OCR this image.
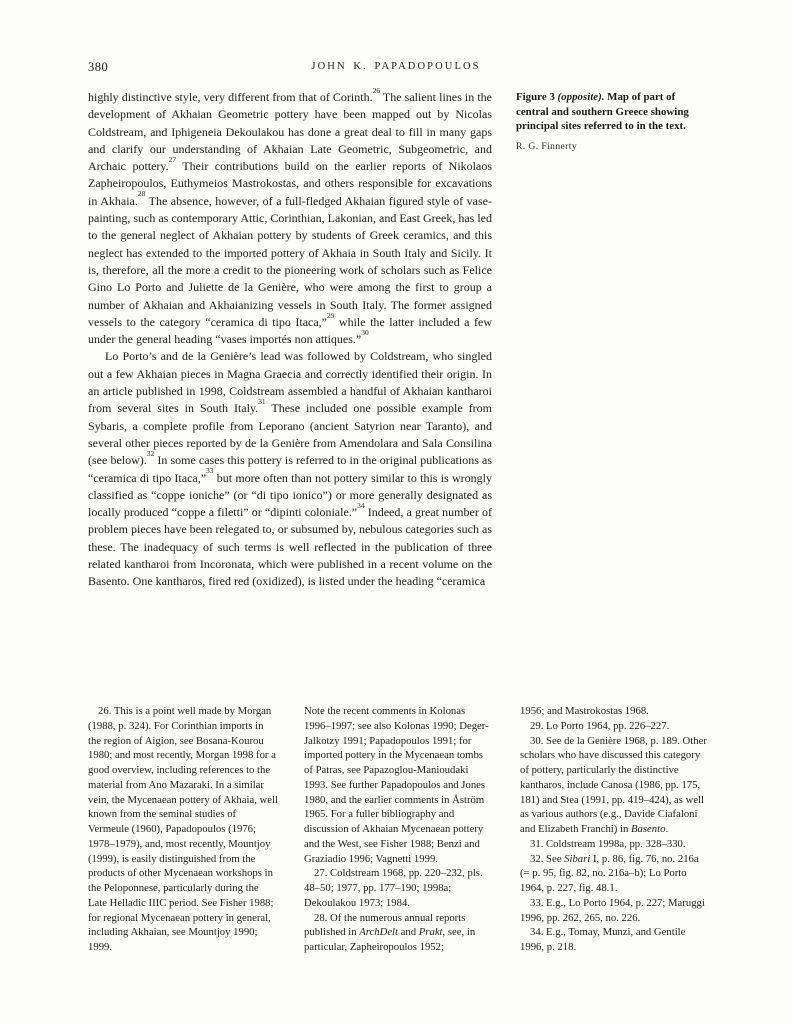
380	JOHN K. PAPADOPOULOS

highly distinctive style, very different from that of Corinth.$^{26}$ The salient lines in the development of Akhaian Geometric pottery have been mapped out by Nicolas Coldstream, and Iphigeneia Dekoulakou has done a great deal to fill in many gaps and clarify our understanding of Akhaian Late Geometric, Subgeometric, and Archaic pottery.$^{27}$ Their contributions build on the earlier reports of Nikolaos Zapheiropoulos, Euthymeios Mastrokostas, and others responsible for excavations in Akhaia.$^{28}$ The absence, however, of a full-fledged Akhaian figured style of vase-painting, such as contemporary Attic, Corinthian, Lakonian, and East Greek, has led to the general neglect of Akhaian pottery by students of Greek ceramics, and this neglect has extended to the imported pottery of Akhaia in South Italy and Sicily. It is, therefore, all the more a credit to the pioneering work of scholars such as Felice Gino Lo Porto and Juliette de la Genière, who were among the first to group a number of Akhaian and Akhaianizing vessels in South Italy. The former assigned vessels to the category “ceramica di tipo Itaca,”$^{29}$ while the latter included a few under the general heading “vases importés non attiques.”$^{30}$

Lo Porto’s and de la Genière’s lead was followed by Coldstream, who singled out a few Akhaian pieces in Magna Graecia and correctly identified their origin. In an article published in 1998, Coldstream assembled a handful of Akhaian kantharoi from several sites in South Italy.$^{31}$ These included one possible example from Sybaris, a complete profile from Leporano (ancient Satyrion near Taranto), and several other pieces reported by de la Genière from Amendolara and Sala Consilina (see below).$^{32}$ In some cases this pottery is referred to in the original publications as “ceramica di tipo Itaca,”$^{33}$ but more often than not pottery similar to this is wrongly classified as “coppe ioniche” (or “di tipo ionico”) or more generally designated as locally produced “coppe a filetti” or “dipinti coloniale.”$^{34}$ Indeed, a great number of problem pieces have been relegated to, or subsumed by, nebulous categories such as these. The inadequacy of such terms is well reflected in the publication of three related kantharoi from Incoronata, which were published in a recent volume on the Basento. One kantharos, fired red (oxidized), is listed under the heading “ceramica

Figure 3 (opposite). Map of part of central and southern Greece showing principal sites referred to in the text.
R. G. Finnerty

26. This is a point well made by Morgan (1988, p. 324). For Corinthian imports in the region of Aigion, see Bosana-Kourou 1980; and most recently, Morgan 1998 for a good overview, including references to the material from Ano Mazaraki. In a similar vein, the Mycenaean pottery of Akhaia, well known from the seminal studies of Vermeule (1960), Papadopoulos (1976; 1978–1979), and, most recently, Mountjoy (1999), is easily distinguished from the products of other Mycenaean workshops in the Peloponnese, particularly during the Late Helladic IIIC period. See Fisher 1988; for regional Mycenaean pottery in general, including Akhaian, see Mountjoy 1990; 1999.

Note the recent comments in Kolonas 1996–1997; see also Kolonas 1990; Deger-Jalkotzy 1991; Papadopoulos 1991; for imported pottery in the Mycenaean tombs of Patras, see Papazoglou-Manioudaki 1993. See further Papadopoulos and Jones 1980, and the earlier comments in Åström 1965. For a fuller bibliography and discussion of Akhaian Mycenaean pottery and the West, see Fisher 1988; Benzi and Graziadio 1996; Vagnetti 1999.

27. Coldstream 1968, pp. 220–232, pls. 48–50; 1977, pp. 177–190; 1998a; Dekoulakou 1973; 1984.

28. Of the numerous annual reports published in ArchDelt and Prakt, see, in particular, Zapheiropoulos 1952;

1956; and Mastrokostas 1968.

29. Lo Porto 1964, pp. 226–227.

30. See de la Genière 1968, p. 189. Other scholars who have discussed this category of pottery, particularly the distinctive kantharos, include Canosa (1986, pp. 175, 181) and Stea (1991, pp. 419–424), as well as various authors (e.g., Davide Ciafaloni and Elizabeth Franchi) in Basento.

31. Coldstream 1998a, pp. 328–330.

32. See Sibari I, p. 86, fig. 76, no. 216a (= p. 95, fig. 82, no. 216a–b); Lo Porto 1964, p. 227, fig. 48.1.

33. E.g., Lo Porto 1964, p. 227; Maruggi 1996, pp. 262, 265, no. 226.

34. E.g., Tomay, Munzi, and Gentile 1996, p. 218.
